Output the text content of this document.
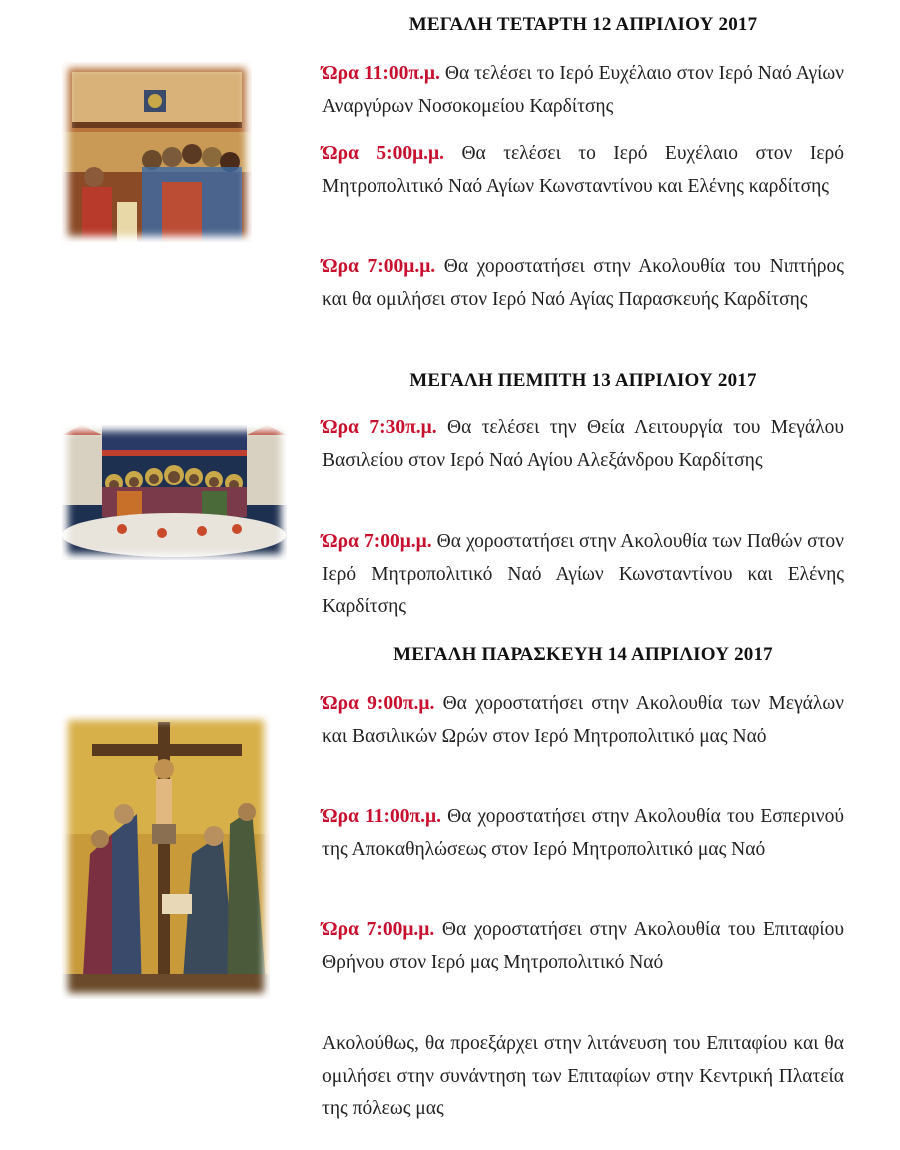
ΜΕΓΑΛΗ ΤΕΤΑΡΤΗ 12 ΑΠΡΙΛΙΟΥ 2017

Ώρα 11:00π.μ. Θα τελέσει το Ιερό Ευχέλαιο στον Ιερό Ναό Αγίων Αναργύρων Νοσοκομείου Καρδίτσης

Ώρα 5:00μ.μ. Θα τελέσει το Ιερό Ευχέλαιο στον Ιερό Μητροπολιτικό Ναό Αγίων Κωνσταντίνου και Ελένης καρδίτσης

Ώρα 7:00μ.μ. Θα χοροστατήσει στην Ακολουθία του Νιπτήρος και θα ομιλήσει στον Ιερό Ναό Αγίας Παρασκευής Καρδίτσης

ΜΕΓΑΛΗ ΠΕΜΠΤΗ 13 ΑΠΡΙΛΙΟΥ 2017

Ώρα 7:30π.μ. Θα τελέσει την Θεία Λειτουργία του Μεγάλου Βασιλείου στον Ιερό Ναό Αγίου Αλεξάνδρου Καρδίτσης

Ώρα 7:00μ.μ. Θα χοροστατήσει στην Ακολουθία των Παθών στον Ιερό Μητροπολιτικό Ναό Αγίων Κωνσταντίνου και Ελένης Καρδίτσης

ΜΕΓΑΛΗ ΠΑΡΑΣΚΕΥΗ 14 ΑΠΡΙΛΙΟΥ 2017

Ώρα 9:00π.μ. Θα χοροστατήσει στην Ακολουθία των Μεγάλων και Βασιλικών Ωρών στον Ιερό Μητροπολιτικό μας Ναό

Ώρα 11:00π.μ. Θα χοροστατήσει στην Ακολουθία του Εσπερινού της Αποκαθηλώσεως στον Ιερό Μητροπολιτικό μας Ναό

Ώρα 7:00μ.μ. Θα χοροστατήσει στην Ακολουθία του Επιταφίου Θρήνου στον Ιερό μας Μητροπολιτικό Ναό

Ακολούθως, θα προεξάρχει στην λιτάνευση του Επιταφίου και θα ομιλήσει στην συνάντηση των Επιταφίων στην Κεντρική Πλατεία της πόλεως μας
